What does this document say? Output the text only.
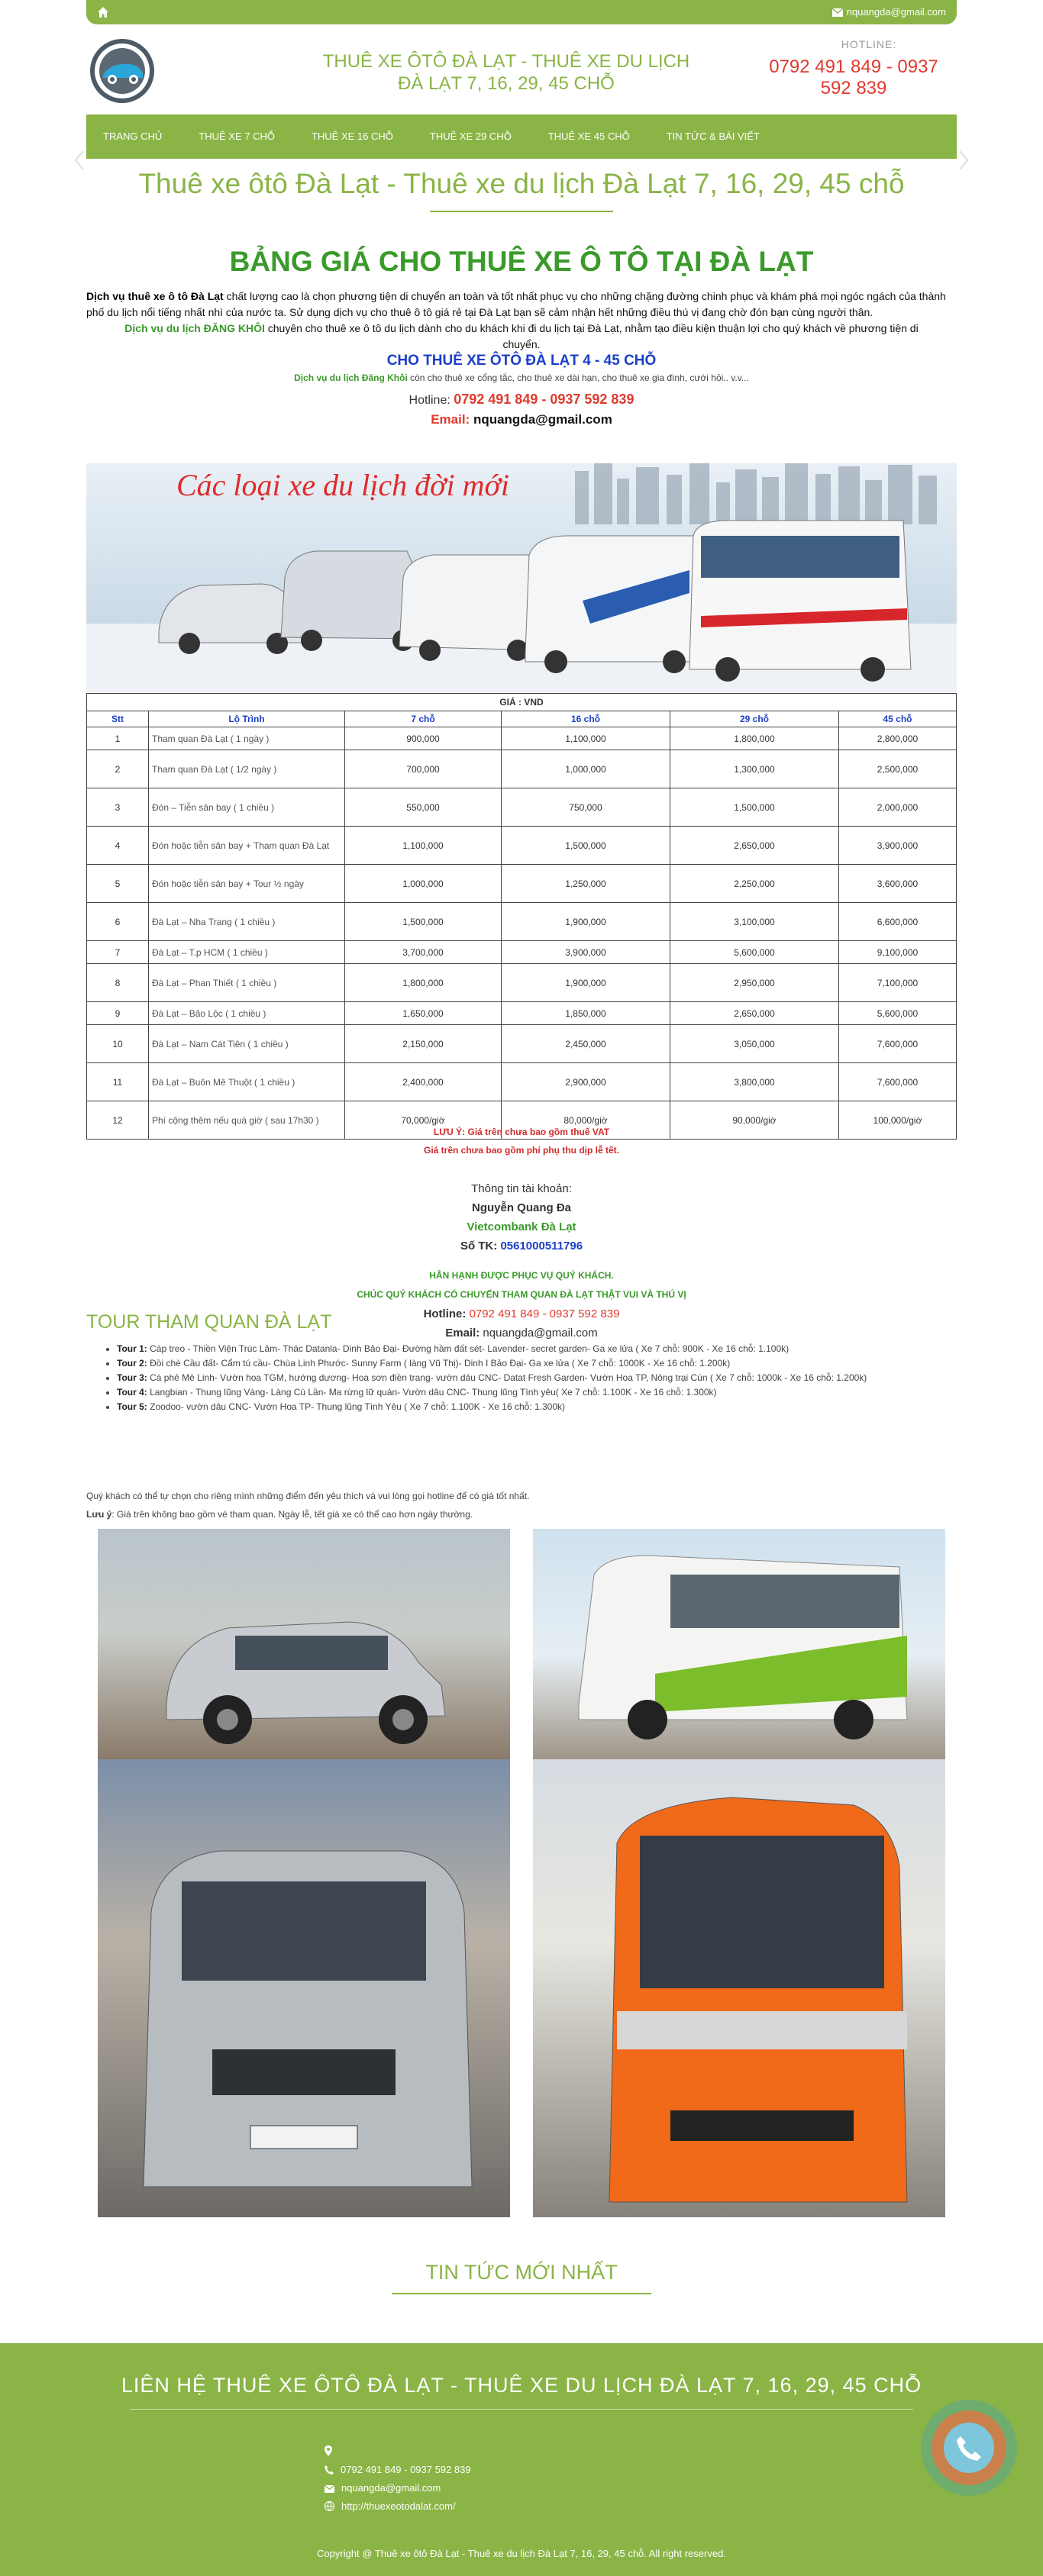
nquangda@gmail.com
THUÊ XE ÔTÔ ĐÀ LẠT - THUÊ XE DU LỊCH ĐÀ LẠT 7, 16, 29, 45 CHỖ
HOTLINE:
0792 491 849 - 0937 592 839
TRANG CHỦ	THUÊ XE 7 CHỖ	THUÊ XE 16 CHỖ	THUÊ XE 29 CHỖ	THUÊ XE 45 CHỖ	TIN TỨC & BÀI VIẾT
Thuê xe ôtô Đà Lạt - Thuê xe du lịch Đà Lạt 7, 16, 29, 45 chỗ
BẢNG GIÁ CHO THUÊ XE Ô TÔ TẠI ĐÀ LẠT
Dịch vụ thuê xe ô tô Đà Lạt chất lượng cao là chọn phương tiện di chuyển an toàn và tốt nhất phục vụ cho những chặng đường chinh phục và khám phá mọi ngóc ngách của thành phố du lịch nổi tiếng nhất nhì của nước ta. Sử dụng dịch vụ cho thuê ô tô giá rẻ tại Đà Lạt bạn sẽ cảm nhận hết những điều thú vị đang chờ đón bạn cùng người thân.
Dịch vụ du lịch ĐĂNG KHÔI chuyên cho thuê xe ô tô du lịch dành cho du khách khi đi du lịch tại Đà Lạt, nhằm tạo điều kiện thuận lợi cho quý khách về phương tiện di chuyển.
CHO THUÊ XE ÔTÔ ĐÀ LẠT 4 - 45 CHỖ
Dịch vụ du lịch Đăng Khôi còn cho thuê xe cổng tắc, cho thuê xe dài hạn, cho thuê xe gia đình, cưới hỏi.. v.v...
Hotline: 0792 491 849 - 0937 592 839
Email: nquangda@gmail.com
Các loại xe du lịch đời mới
GIÁ : VND					
Stt	Lộ Trình	7 chỗ	16 chỗ	29 chỗ	45 chỗ
1	Tham quan Đà Lạt ( 1 ngày )	900,000	1,100,000	1,800,000	2,800,000
2	Tham quan Đà Lạt ( 1/2 ngày )	700,000	1,000,000	1,300,000	2,500,000
3	Đón – Tiễn sân bay ( 1 chiều )	550,000	750,000	1,500,000	2,000,000
4	Đón hoặc tiễn sân bay + Tham quan Đà Lạt	1,100,000	1,500,000	2,650,000	3,900,000
5	Đón hoặc tiễn sân bay + Tour ½ ngày	1,000,000	1,250,000	2,250,000	3,600,000
6	Đà Lạt – Nha Trang ( 1 chiều )	1,500,000	1,900,000	3,100,000	6,600,000
7	Đà Lạt – T.p HCM ( 1 chiều )	3,700,000	3,900,000	5,600,000	9,100,000
8	Đà Lạt – Phan Thiết ( 1 chiều )	1,800,000	1,900,000	2,950,000	7,100,000
9	Đà Lạt – Bảo Lộc ( 1 chiều )	1,650,000	1,850,000	2,650,000	5,600,000
10	Đà Lạt – Nam Cát Tiên ( 1 chiều )	2,150,000	2,450,000	3,050,000	7,600,000
11	Đà Lạt – Buôn Mê Thuột ( 1 chiều )	2,400,000	2,900,000	3,800,000	7,600,000
12	Phí cộng thêm nếu quá giờ ( sau 17h30 )	70,000/giờ	80,000/giờ	90,000/giờ	100,000/giờ
LƯU Ý: Giá trên chưa bao gồm thuế VAT
Giá trên chưa bao gồm phí phụ thu dịp lễ tết.
Thông tin tài khoản:
Nguyễn Quang Đa
Vietcombank Đà Lạt
Số TK: 0561000511796
HÂN HẠNH ĐƯỢC PHỤC VỤ QUÝ KHÁCH.
CHÚC QUÝ KHÁCH CÓ CHUYẾN THAM QUAN ĐÀ LẠT THẬT VUI VÀ THÚ VỊ
Hotline: 0792 491 849 - 0937 592 839
Email: nquangda@gmail.com
TOUR THAM QUAN ĐÀ LẠT
• Tour 1: Cáp treo - Thiền Viện Trúc Lâm- Thác Datanla- Dinh Bảo Đại- Đường hầm đất sét- Lavender- secret garden- Ga xe lửa ( Xe 7 chỗ: 900K - Xe 16 chỗ: 1.100k)
• Tour 2: Đồi chè Cầu đất- Cẩm tú cầu- Chùa Linh Phước- Sunny Farm ( làng Vũ Thị)- Dinh I Bảo Đại- Ga xe lửa ( Xe 7 chỗ: 1000K - Xe 16 chỗ: 1.200k)
• Tour 3: Cà phê Mê Linh- Vườn hoa TGM, hướng dương- Hoa sơn điền trang- vườn dâu CNC- Datat Fresh Garden- Vườn Hoa TP, Nông trại Cún ( Xe 7 chỗ: 1000k - Xe 16 chỗ: 1.200k)
• Tour 4: Langbian - Thung lũng Vàng- Làng Cù Lần- Ma rừng lữ quán- Vườn dâu CNC- Thung lũng Tình yêu( Xe 7 chỗ: 1.100K - Xe 16 chỗ: 1.300k)
• Tour 5: Zoodoo- vườn dâu CNC- Vườn Hoa TP- Thung lũng Tình Yêu ( Xe 7 chỗ: 1.100K - Xe 16 chỗ: 1.300k)
Quý khách có thể tự chọn cho riêng mình những điểm đến yêu thích và vui lòng gọi hotline để có giá tốt nhất.
Lưu ý: Giá trên không bao gồm vé tham quan. Ngày lễ, tết giá xe có thể cao hơn ngày thường.
TIN TỨC MỚI NHẤT
LIÊN HỆ THUÊ XE ÔTÔ ĐÀ LẠT - THUÊ XE DU LỊCH ĐÀ LẠT 7, 16, 29, 45 CHỖ
0792 491 849 - 0937 592 839
nquangda@gmail.com
http://thuexeotodalat.com/
Copyright @ Thuê xe ôtô Đà Lạt - Thuê xe du lịch Đà Lạt 7, 16, 29, 45 chỗ. All right reserved.
